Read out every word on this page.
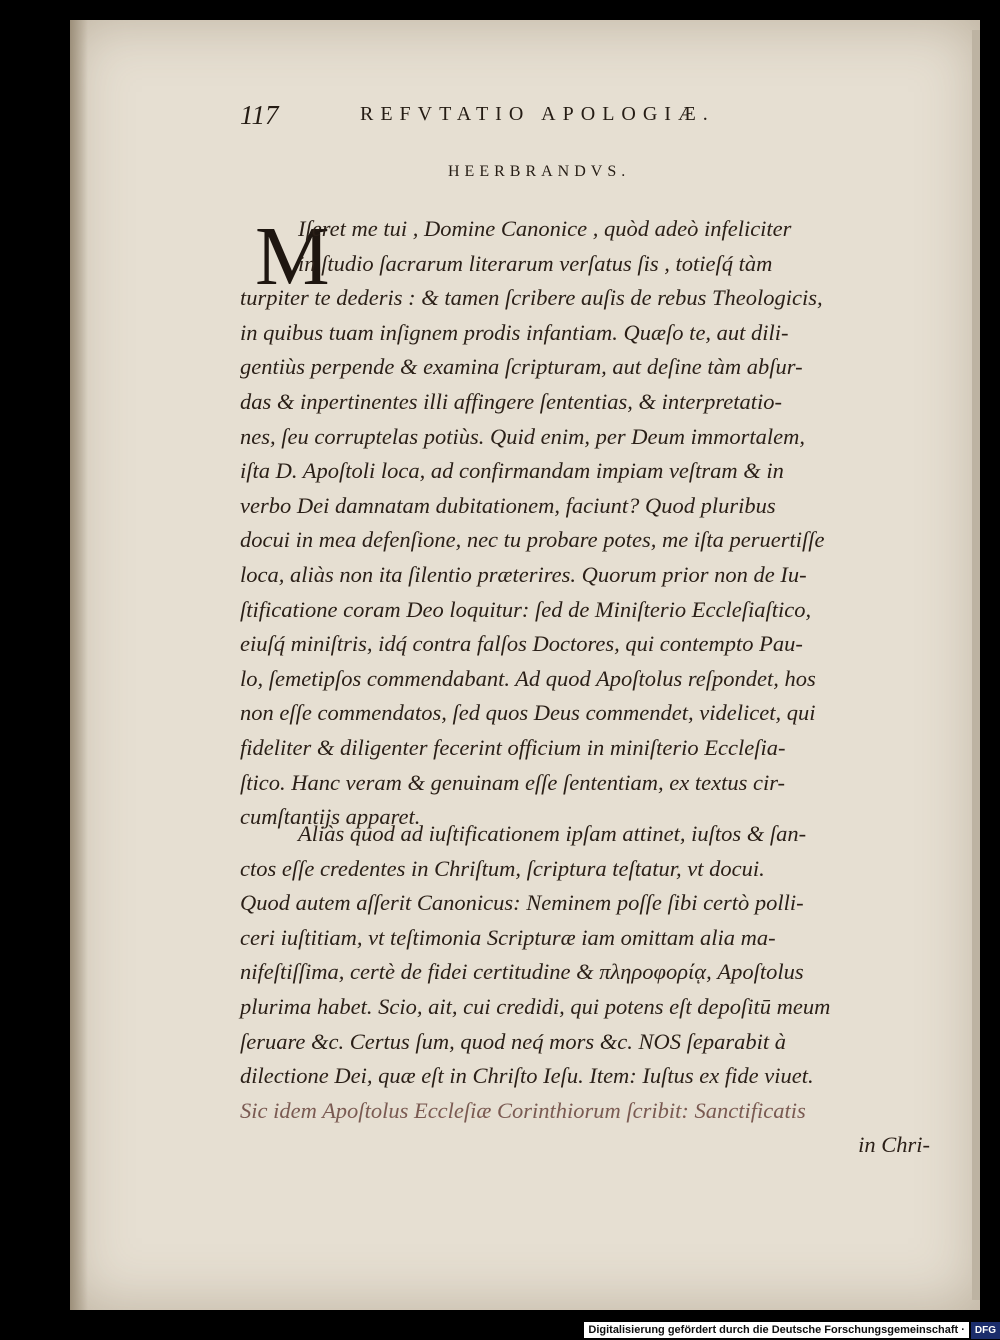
117	REFVTATIO APOLOGIÆ.
HEERBRANDVS.
M
Iſeret me tui , Domine Canonice , quòd adeò infeliciter
in ſtudio ſacrarum literarum verſatus ſis , totieſq́ tàm
turpiter te dederis : & tamen ſcribere auſis de rebus Theologicis,
in quibus tuam inſignem prodis infantiam. Quæſo te, aut dili-
gentiùs perpende & examina ſcripturam, aut deſine tàm abſur-
das & inpertinentes illi affingere ſententias, & interpretatio-
nes, ſeu corruptelas potiùs. Quid enim, per Deum immortalem,
iſta D. Apoſtoli loca, ad confirmandam impiam veſtram & in
verbo Dei damnatam dubitationem, faciunt? Quod pluribus
docui in mea defenſione, nec tu probare potes, me iſta peruertiſſe
loca, aliàs non ita ſilentio præterires. Quorum prior non de Iu-
ſtificatione coram Deo loquitur: ſed de Miniſterio Eccleſiaſtico,
eiuſq́ miniſtris, idq́ contra falſos Doctores, qui contempto Pau-
lo, ſemetipſos commendabant. Ad quod Apoſtolus reſpondet, hos
non eſſe commendatos, ſed quos Deus commendet, videlicet, qui
fideliter & diligenter fecerint officium in miniſterio Eccleſia-
ſtico. Hanc veram & genuinam eſſe ſententiam, ex textus cir-
cumſtantijs apparet.
Aliàs quod ad iuſtificationem ipſam attinet, iuſtos & ſan-
ctos eſſe credentes in Chriſtum, ſcriptura teſtatur, vt docui.
Quod autem aſſerit Canonicus: Neminem poſſe ſibi certò polli-
ceri iuſtitiam, vt teſtimonia Scripturæ iam omittam alia ma-
nifeſtiſſima, certè de fidei certitudine & πληροφορίᾳ, Apoſtolus
plurima habet. Scio, ait, cui credidi, qui potens eſt depoſitū meum
ſeruare &c. Certus ſum, quod neq́ mors &c. NOS ſeparabit à
dilectione Dei, quæ eſt in Chriſto Ieſu. Item: Iuſtus ex fide viuet.
Sic idem Apoſtolus Eccleſiæ Corinthiorum ſcribit: Sanctificatis
in Chri-
Digitalisierung gefördert durch die Deutsche Forschungsgemeinschaft ·	DFG
